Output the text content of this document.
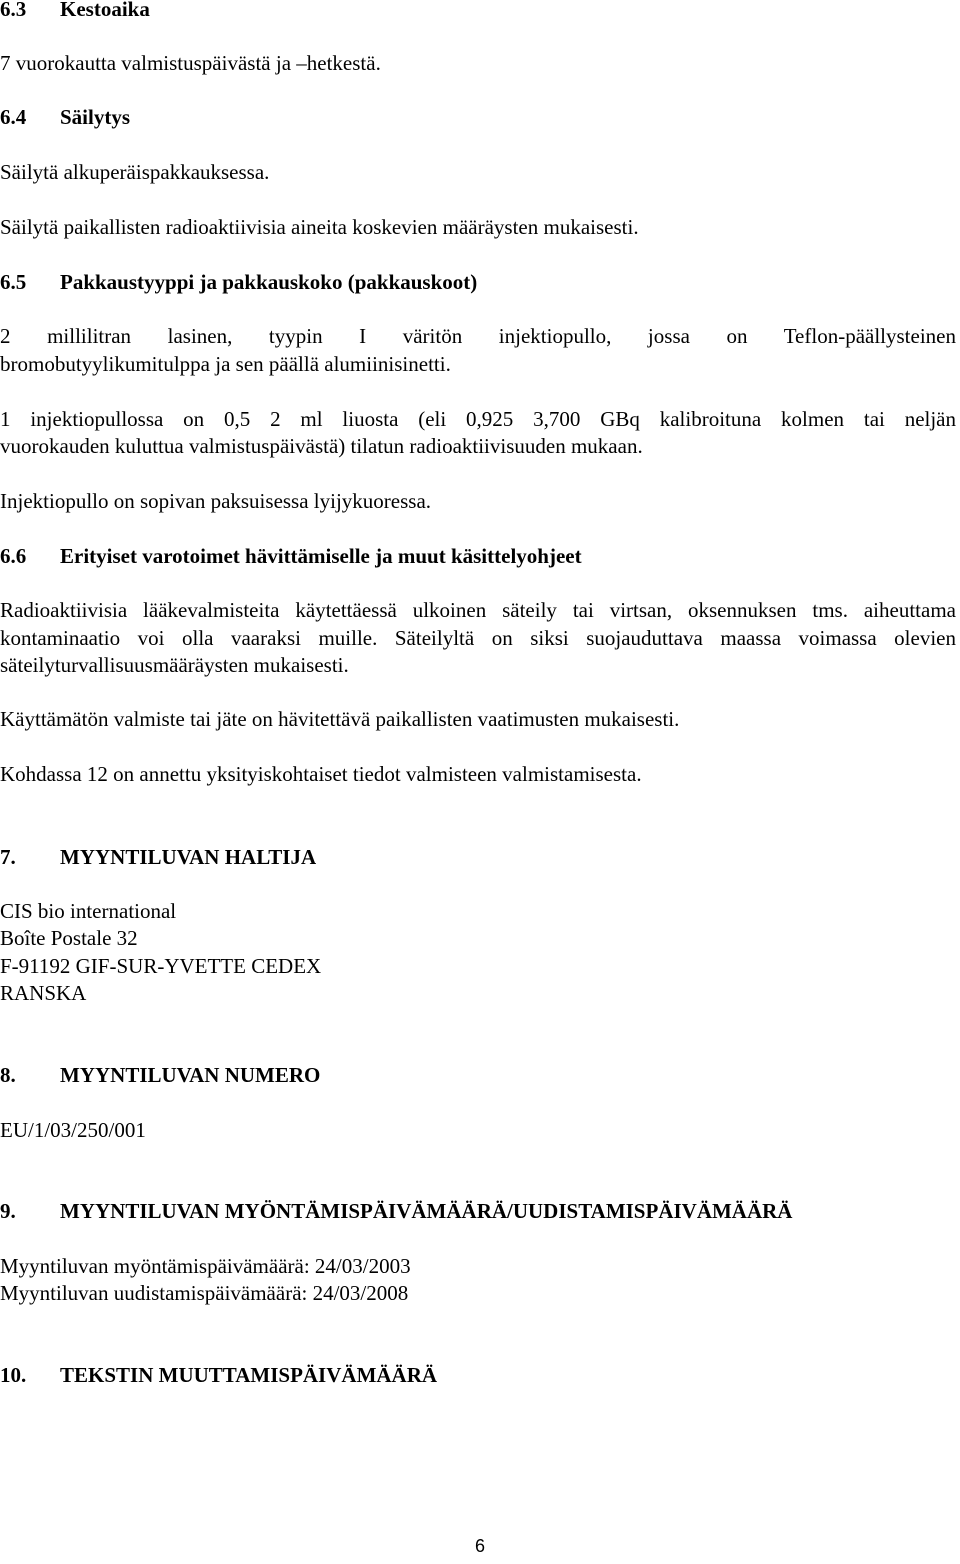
6.3 Kestoaika
7 vuorokautta valmistuspäivästä ja –hetkestä.
6.4 Säilytys
Säilytä alkuperäispakkauksessa.
Säilytä paikallisten radioaktiivisia aineita koskevien määräysten mukaisesti.
6.5 Pakkaustyyppi ja pakkauskoko (pakkauskoot)
2 millilitran lasinen, tyypin I väritön injektiopullo, jossa on Teflon-päällysteinen
bromobutyylikumitulppa ja sen päällä alumiinisinetti.
1 injektiopullossa on 0,5 2 ml liuosta (eli 0,925 3,700 GBq kalibroituna kolmen tai neljän
vuorokauden kuluttua valmistuspäivästä) tilatun radioaktiivisuuden mukaan.
Injektiopullo on sopivan paksuisessa lyijykuoressa.
6.6 Erityiset varotoimet hävittämiselle ja muut käsittelyohjeet
Radioaktiivisia lääkevalmisteita käytettäessä ulkoinen säteily tai virtsan, oksennuksen tms. aiheuttama
kontaminaatio voi olla vaaraksi muille. Säteilyltä on siksi suojauduttava maassa voimassa olevien
säteilyturvallisuusmääräysten mukaisesti.
Käyttämätön valmiste tai jäte on hävitettävä paikallisten vaatimusten mukaisesti.
Kohdassa 12 on annettu yksityiskohtaiset tiedot valmisteen valmistamisesta.
7. MYYNTILUVAN HALTIJA
CIS bio international
Boîte Postale 32
F-91192 GIF-SUR-YVETTE CEDEX
RANSKA
8. MYYNTILUVAN NUMERO
EU/1/03/250/001
9. MYYNTILUVAN MYÖNTÄMISPÄIVÄMÄÄRÄ/UUDISTAMISPÄIVÄMÄÄRÄ
Myyntiluvan myöntämispäivämäärä: 24/03/2003
Myyntiluvan uudistamispäivämäärä: 24/03/2008
10. TEKSTIN MUUTTAMISPÄIVÄMÄÄRÄ
6
